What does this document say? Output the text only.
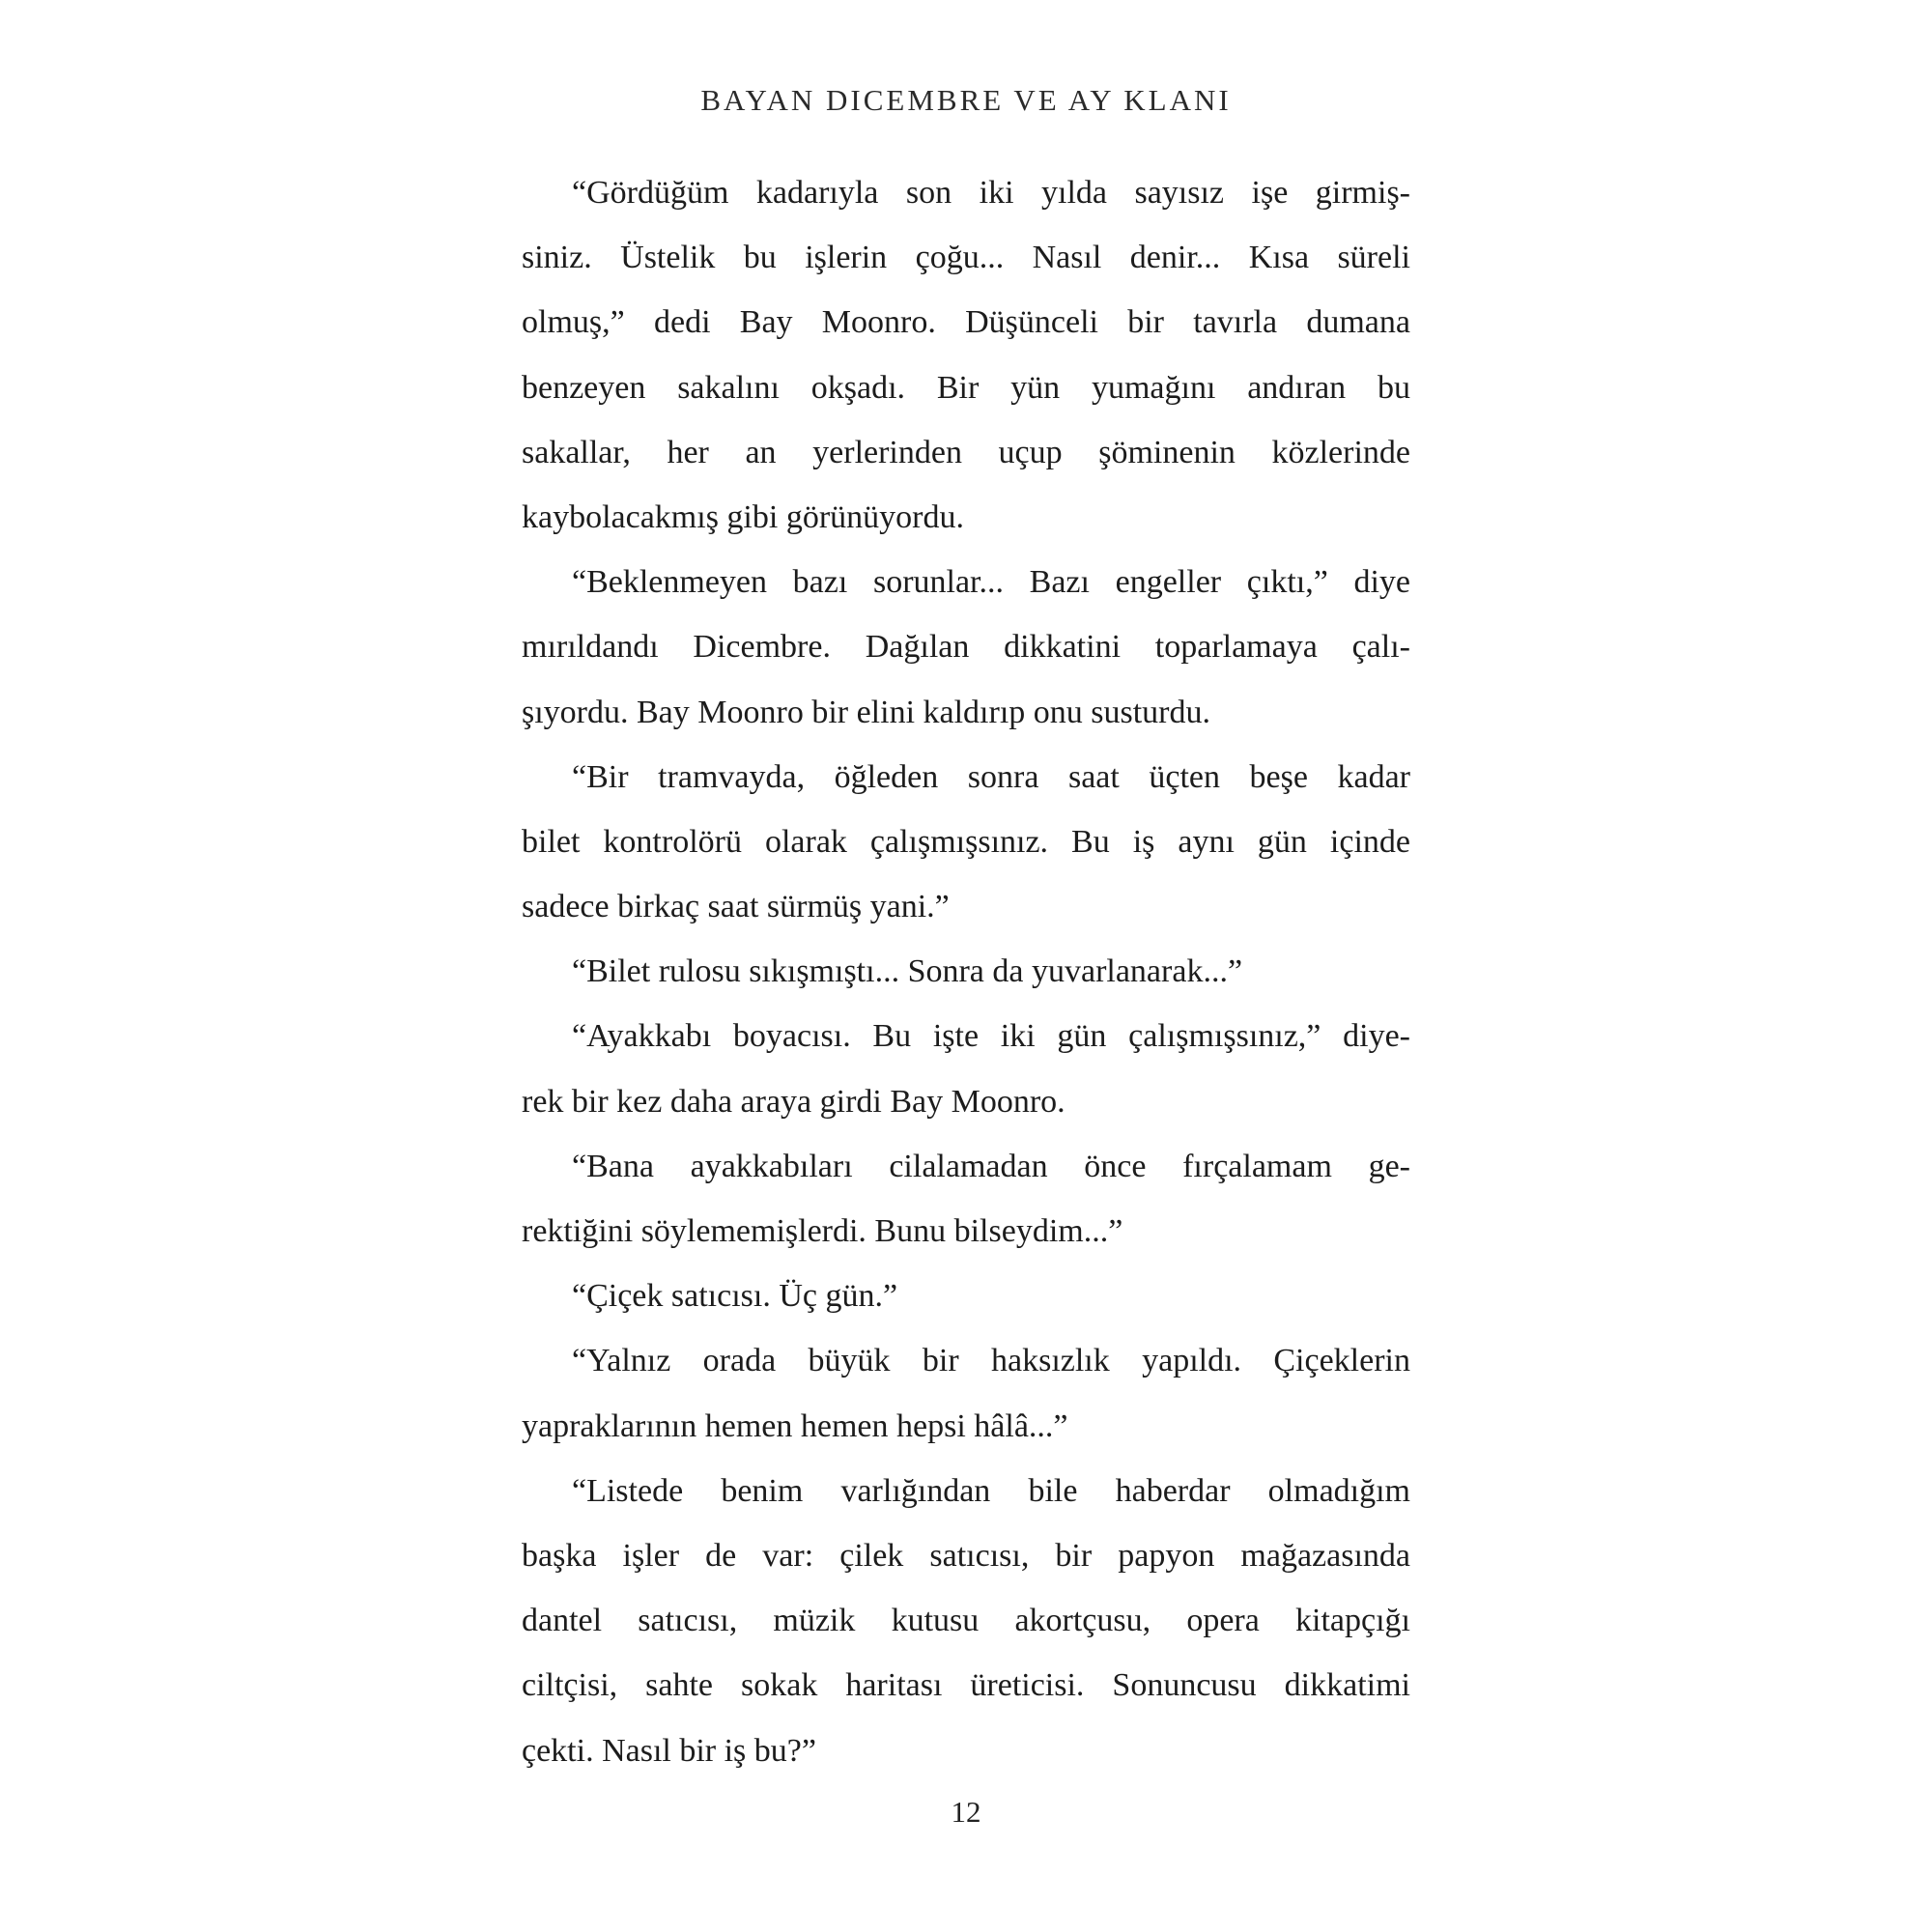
BAYAN DICEMBRE VE AY KLANI
“Gördüğüm kadarıyla son iki yılda sayısız işe girmiş-
siniz. Üstelik bu işlerin çoğu... Nasıl denir... Kısa süreli
olmuş,” dedi Bay Moonro. Düşünceli bir tavırla dumana
benzeyen sakalını okşadı. Bir yün yumağını andıran bu
sakallar, her an yerlerinden uçup şöminenin közlerinde
kaybolacakmış gibi görünüyordu.
“Beklenmeyen bazı sorunlar... Bazı engeller çıktı,” diye
mırıldandı Dicembre. Dağılan dikkatini toparlamaya çalı-
şıyordu. Bay Moonro bir elini kaldırıp onu susturdu.
“Bir tramvayda, öğleden sonra saat üçten beşe kadar
bilet kontrolörü olarak çalışmışsınız. Bu iş aynı gün içinde
sadece birkaç saat sürmüş yani.”
“Bilet rulosu sıkışmıştı... Sonra da yuvarlanarak...”
“Ayakkabı boyacısı. Bu işte iki gün çalışmışsınız,” diye-
rek bir kez daha araya girdi Bay Moonro.
“Bana ayakkabıları cilalamadan önce fırçalamam ge-
rektiğini söylememişlerdi. Bunu bilseydim...”
“Çiçek satıcısı. Üç gün.”
“Yalnız orada büyük bir haksızlık yapıldı. Çiçeklerin
yapraklarının hemen hemen hepsi hâlâ...”
“Listede benim varlığından bile haberdar olmadığım
başka işler de var: çilek satıcısı, bir papyon mağazasında
dantel satıcısı, müzik kutusu akortçusu, opera kitapçığı
ciltçisi, sahte sokak haritası üreticisi. Sonuncusu dikkatimi
çekti. Nasıl bir iş bu?”
12
